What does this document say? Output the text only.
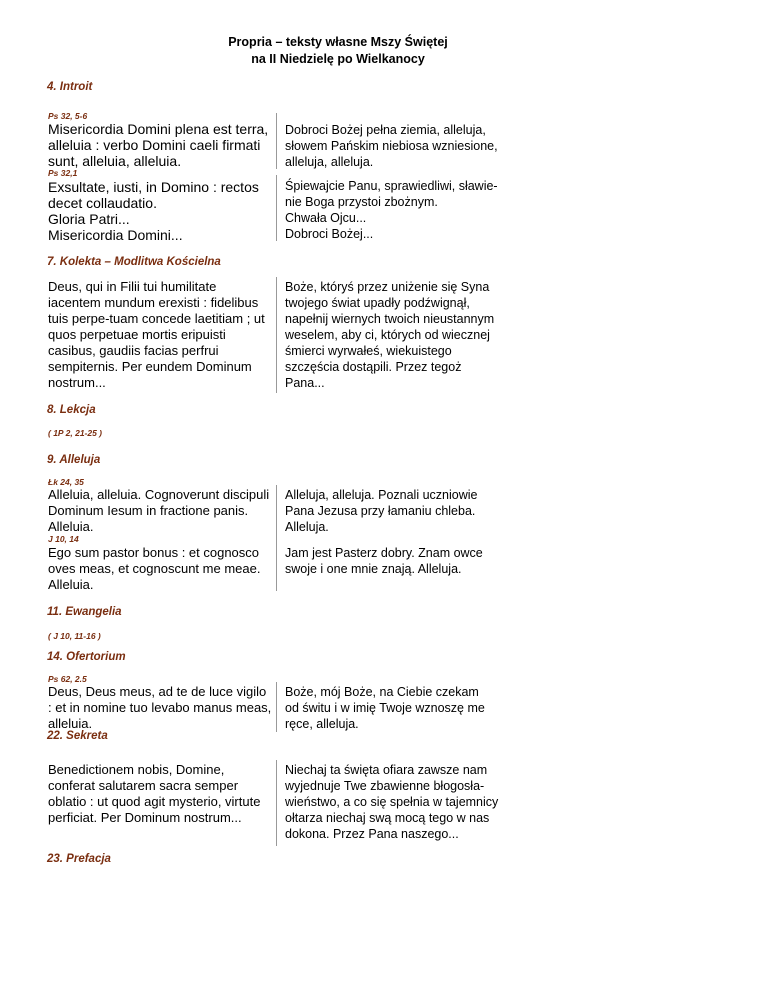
Propria – teksty własne Mszy Świętej
na II Niedzielę po Wielkanocy
4. Introit
Ps 32, 5-6
Misericordia Domini plena est terra,
alleluia : verbo Domini caeli firmati
sunt, alleluia, alleluia.
Dobroci Bożej pełna ziemia, alleluja,
słowem Pańskim niebiosa wzniesione,
alleluja, alleluja.
Ps 32,1
Exsultate, iusti, in Domino : rectos
decet collaudatio.
Gloria Patri...
Misericordia Domini...
Śpiewajcie Panu, sprawiedliwi, sławie-
nie Boga przystoi zbożnym.
Chwała Ojcu...
Dobroci Bożej...
7. Kolekta – Modlitwa Kościelna
Deus, qui in Filii tui humilitate
iacentem mundum erexisti : fidelibus
tuis perpe-tuam concede laetitiam ; ut
quos perpetuae mortis eripuisti
casibus, gaudiis facias perfrui
sempiternis. Per eundem Dominum
nostrum...
Boże, któryś przez uniżenie się Syna
twojego świat upadły podźwignął,
napełnij wiernych twoich nieustannym
weselem, aby ci, których od wiecznej
śmierci wyrwałeś, wiekuistego
szczęścia dostąpili. Przez tegoż
Pana...
8. Lekcja
( 1P 2, 21-25 )
9. Alleluja
Łk 24, 35
Alleluia, alleluia. Cognoverunt discipuli
Dominum Iesum in fractione panis.
Alleluia.
Alleluja, alleluja. Poznali uczniowie
Pana Jezusa przy łamaniu chleba.
Alleluja.
J 10, 14
Ego sum pastor bonus : et cognosco
oves meas, et cognoscunt me meae.
Alleluia.
Jam jest Pasterz dobry. Znam owce
swoje i one mnie znają. Alleluja.
11. Ewangelia
( J 10, 11-16 )
14. Ofertorium
Ps 62, 2.5
Deus, Deus meus, ad te de luce vigilo
: et in nomine tuo levabo manus meas,
alleluia.
Boże, mój Boże, na Ciebie czekam
od świtu i w imię Twoje wznoszę me
ręce, alleluja.
22. Sekreta
Benedictionem nobis, Domine,
conferat salutarem sacra semper
oblatio : ut quod agit mysterio, virtute
perficiat. Per Dominum nostrum...
Niechaj ta święta ofiara zawsze nam
wyjednuje Twe zbawienne błogosła-
wieństwo, a co się spełnia w tajemnicy
ołtarza niechaj swą mocą tego w nas
dokona. Przez Pana naszego...
23. Prefacja
